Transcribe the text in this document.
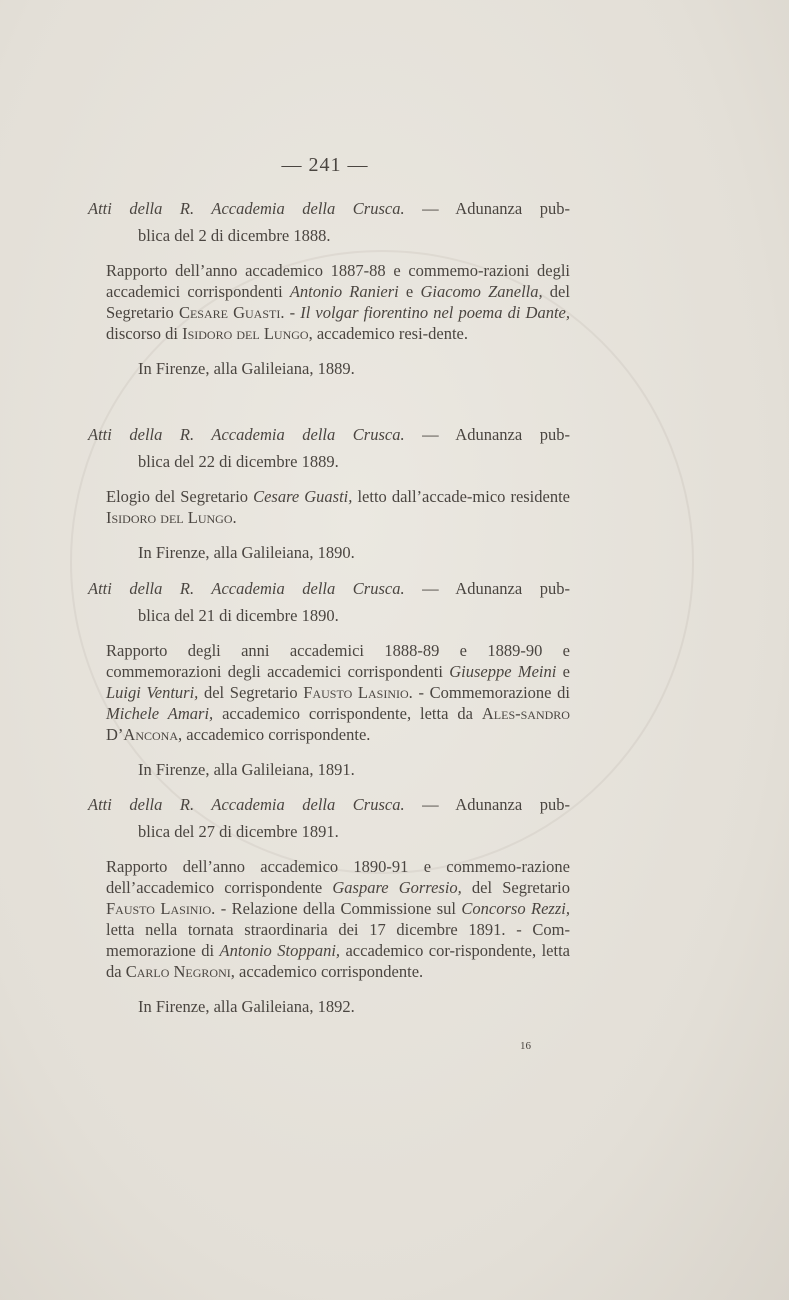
— 241 —
Atti della R. Accademia della Crusca. — Adunanza pub-
blica del 2 di dicembre 1888.
Rapporto dell’anno accademico 1887-88 e commemo-razioni degli accademici corrispondenti Antonio Ranieri e Giacomo Zanella, del Segretario Cesare Guasti. - Il volgar fiorentino nel poema di Dante, discorso di Isidoro del Lungo, accademico resi-dente.
In Firenze, alla Galileiana, 1889.
Atti della R. Accademia della Crusca. — Adunanza pub-
blica del 22 di dicembre 1889.
Elogio del Segretario Cesare Guasti, letto dall’accade-mico residente Isidoro del Lungo.
In Firenze, alla Galileiana, 1890.
Atti della R. Accademia della Crusca. — Adunanza pub-
blica del 21 di dicembre 1890.
Rapporto degli anni accademici 1888-89 e 1889-90 e commemorazioni degli accademici corrispondenti Giuseppe Meini e Luigi Venturi, del Segretario Fausto Lasinio. - Commemorazione di Michele Amari, accademico corrispondente, letta da Ales-sandro D’Ancona, accademico corrispondente.
In Firenze, alla Galileiana, 1891.
Atti della R. Accademia della Crusca. — Adunanza pub-
blica del 27 di dicembre 1891.
Rapporto dell’anno accademico 1890-91 e commemo-razione dell’accademico corrispondente Gaspare Gorresio, del Segretario Fausto Lasinio. - Relazione della Commissione sul Concorso Rezzi, letta nella tornata straordinaria dei 17 dicembre 1891. - Com-memorazione di Antonio Stoppani, accademico cor-rispondente, letta da Carlo Negroni, accademico corrispondente.
In Firenze, alla Galileiana, 1892.
16
